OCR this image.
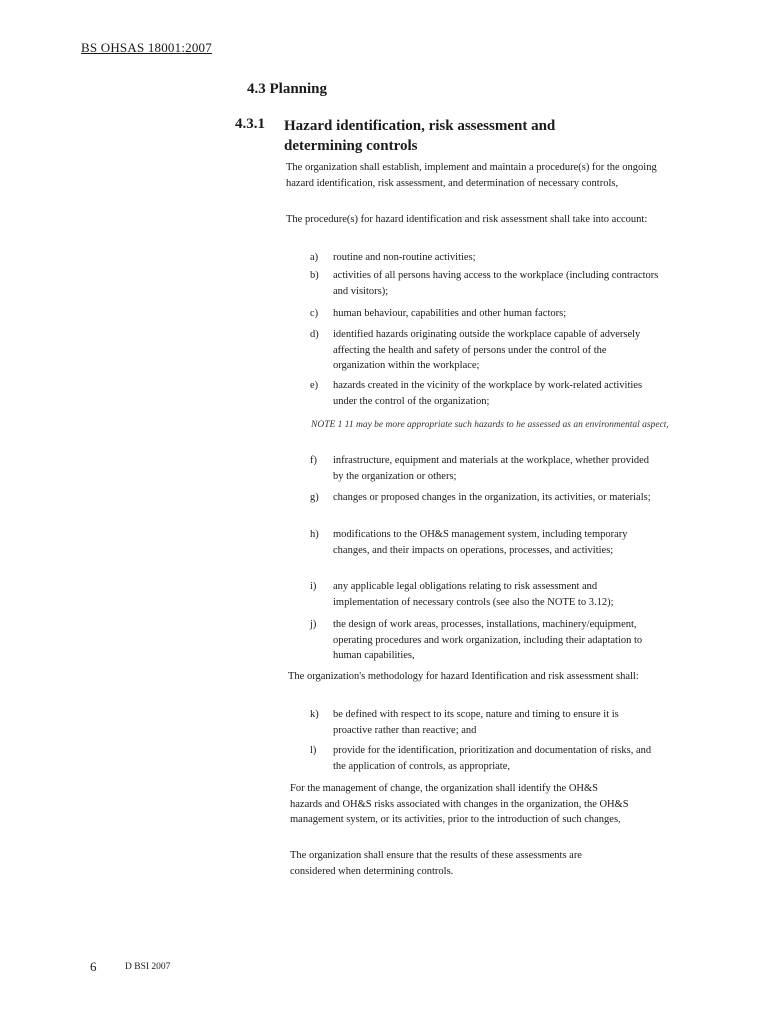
BS OHSAS 18001:2007
4.3 Planning
4.3.1 Hazard identification, risk assessment and determining controls
The organization shall establish, implement and maintain a procedure(s) for the ongoing hazard identification, risk assessment, and determination of necessary controls,
The procedure(s) for hazard identification and risk assessment shall take into account:
a) routine and non-routine activities;
b) activities of all persons having access to the workplace (including contractors and visitors);
c) human behaviour, capabilities and other human factors;
d) identified hazards originating outside the workplace capable of adversely affecting the health and safety of persons under the control of the organization within the workplace;
e) hazards created in the vicinity of the workplace by work-related activities under the control of the organization;
NOTE 1 11 may be more appropriate such hazards to he assessed as an environmental aspect,
f) infrastructure, equipment and materials at the workplace, whether provided by the organization or others;
g) changes or proposed changes in the organization, its activities, or materials;
h) modifications to the OH&S management system, including temporary changes, and their impacts on operations, processes, and activities;
i) any applicable legal obligations relating to risk assessment and implementation of necessary controls (see also the NOTE to 3.12);
j) the design of work areas, processes, installations, machinery/equipment, operating procedures and work organization, including their adaptation to human capabilities,
The organization's methodology for hazard Identification and risk assessment shall:
k) be defined with respect to its scope, nature and timing to ensure it is proactive rather than reactive; and
l) provide for the identification, prioritization and documentation of risks, and the application of controls, as appropriate,
For the management of change, the organization shall identify the OH&S hazards and OH&S risks associated with changes in the organization, the OH&S management system, or its activities, prior to the introduction of such changes,
The organization shall ensure that the results of these assessments are considered when determining controls.
6	D BSI 2007
